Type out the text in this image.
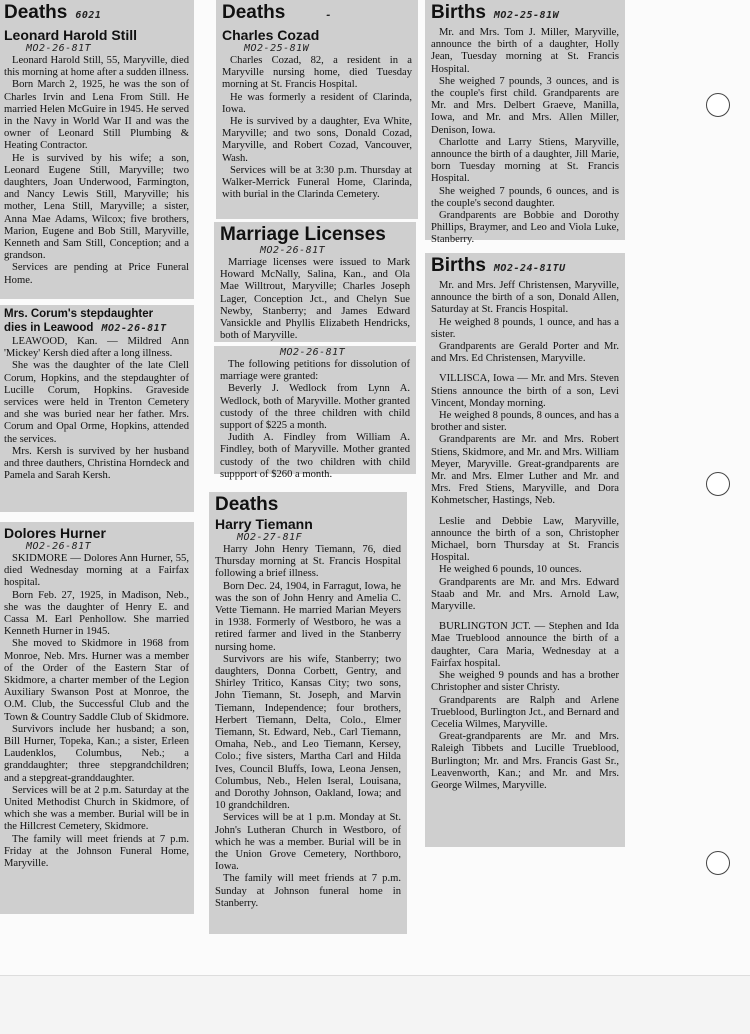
Deaths 6021
Leonard Harold Still
MO2-26-81T

Leonard Harold Still, 55, Maryville, died this morning at home after a sudden illness.

Born March 2, 1925, he was the son of Charles Irvin and Lena From Still. He married Helen McGuire in 1945. He served in the Navy in World War II and was the owner of Leonard Still Plumbing & Heating Contractor.

He is survived by his wife; a son, Leonard Eugene Still, Maryville; two daughters, Joan Underwood, Farmington, and Nancy Lewis Still, Maryville; his mother, Lena Still, Maryville; a sister, Anna Mae Adams, Wilcox; five brothers, Marion, Eugene and Bob Still, Maryville, Kenneth and Sam Still, Conception; and a grandson.

Services are pending at Price Funeral Home.

Mrs. Corum's stepdaughter
dies in Leawood MO2-26-81T

LEAWOOD, Kan. — Mildred Ann 'Mickey' Kersh died after a long illness.

She was the daughter of the late Clell Corum, Hopkins, and the stepdaughter of Lucille Corum, Hopkins. Graveside services were held in Trenton Cemetery and she was buried near her father. Mrs. Corum and Opal Orme, Hopkins, attended the services.

Mrs. Kersh is survived by her husband and three dauthers, Christina Horndeck and Pamela and Sarah Kersh.

Dolores Hurner
MO2-26-81T

SKIDMORE — Dolores Ann Hurner, 55, died Wednesday morning at a Fairfax hospital.

Born Feb. 27, 1925, in Madison, Neb., she was the daughter of Henry E. and Cassa M. Earl Penhollow. She married Kenneth Hurner in 1945.

She moved to Skidmore in 1968 from Monroe, Neb. Mrs. Hurner was a member of the Order of the Eastern Star of Skidmore, a charter member of the Legion Auxiliary Swanson Post at Monroe, the O.M. Club, the Successful Club and the Town & Country Saddle Club of Skidmore.

Survivors include her husband; a son, Bill Hurner, Topeka, Kan.; a sister, Erleen Laudenklos, Columbus, Neb.; a granddaughter; three stepgrandchildren; and a stepgreat-granddaughter.

Services will be at 2 p.m. Saturday at the United Methodist Church in Skidmore, of which she was a member. Burial will be in the Hillcrest Cemetery, Skidmore.

The family will meet friends at 7 p.m. Friday at the Johnson Funeral Home, Maryville.

Deaths	-
Charles Cozad
MO2-25-81W

Charles Cozad, 82, a resident in a Maryville nursing home, died Tuesday morning at St. Francis Hospital.

He was formerly a resident of Clarinda, Iowa.

He is survived by a daughter, Eva White, Maryville; and two sons, Donald Cozad, Maryville, and Robert Cozad, Vancouver, Wash.

Services will be at 3:30 p.m. Thursday at Walker-Merrick Funeral Home, Clarinda, with burial in the Clarinda Cemetery.

Marriage Licenses
MO2-26-81T

Marriage licenses were issued to Mark Howard McNally, Salina, Kan., and Ola Mae Willtrout, Maryville; Charles Joseph Lager, Conception Jct., and Chelyn Sue Newby, Stanberry; and James Edward Vansickle and Phyllis Elizabeth Hendricks, both of Maryville.

MO2-26-81T

The following petitions for dissolution of marriage were granted:

Beverly J. Wedlock from Lynn A. Wedlock, both of Maryville. Mother granted custody of the three children with child support of $225 a month.

Judith A. Findley from William A. Findley, both of Maryville. Mother granted custody of the two children with child suppport of $260 a month.

Deaths
Harry Tiemann
MO2-27-81F

Harry John Henry Tiemann, 76, died Thursday morning at St. Francis Hospital following a brief illness.

Born Dec. 24, 1904, in Farragut, Iowa, he was the son of John Henry and Amelia C. Vette Tiemann. He married Marian Meyers in 1938. Formerly of Westboro, he was a retired farmer and lived in the Stanberry nursing home.

Survivors are his wife, Stanberry; two daughters, Donna Corbett, Gentry, and Shirley Tritico, Kansas City; two sons, John Tiemann, St. Joseph, and Marvin Tiemann, Independence; four brothers, Herbert Tiemann, Delta, Colo., Elmer Tiemann, St. Edward, Neb., Carl Tiemann, Omaha, Neb., and Leo Tiemann, Kersey, Colo.; five sisters, Martha Carl and Hilda Ives, Council Bluffs, Iowa, Leona Jensen, Columbus, Neb., Helen Iseral, Louisana, and Dorothy Johnson, Oakland, Iowa; and 10 grandchildren.

Services will be at 1 p.m. Monday at St. John's Lutheran Church in Westboro, of which he was a member. Burial will be in the Union Grove Cemetery, Northboro, Iowa.

The family will meet friends at 7 p.m. Sunday at Johnson funeral home in Stanberry.

Births MO2-25-81W

Mr. and Mrs. Tom J. Miller, Maryville, announce the birth of a daughter, Holly Jean, Tuesday morning at St. Francis Hospital.

She weighed 7 pounds, 3 ounces, and is the couple's first child. Grandparents are Mr. and Mrs. Delbert Graeve, Manilla, Iowa, and Mr. and Mrs. Allen Miller, Denison, Iowa.

Charlotte and Larry Stiens, Maryville, announce the birth of a daughter, Jill Marie, born Tuesday morning at St. Francis Hospital.

She weighed 7 pounds, 6 ounces, and is the couple's second daughter.

Grandparents are Bobbie and Dorothy Phillips, Braymer, and Leo and Viola Luke, Stanberry.

Births MO2-24-81TU

Mr. and Mrs. Jeff Christensen, Maryville, announce the birth of a son, Donald Allen, Saturday at St. Francis Hospital.

He weighed 8 pounds, 1 ounce, and has a sister.

Grandparents are Gerald Porter and Mr. and Mrs. Ed Christensen, Maryville.

VILLISCA, Iowa — Mr. and Mrs. Steven Stiens announce the birth of a son, Levi Vincent, Monday morning.

He weighed 8 pounds, 8 ounces, and has a brother and sister.

Grandparents are Mr. and Mrs. Robert Stiens, Skidmore, and Mr. and Mrs. William Meyer, Maryville. Great-grandparents are Mr. and Mrs. Elmer Luther and Mr. and Mrs. Fred Stiens, Maryville, and Dora Kohmetscher, Hastings, Neb.

Leslie and Debbie Law, Maryville, announce the birth of a son, Christopher Michael, born Thursday at St. Francis Hospital.

He weighed 6 pounds, 10 ounces.

Grandparents are Mr. and Mrs. Edward Staab and Mr. and Mrs. Arnold Law, Maryville.

BURLINGTON JCT. — Stephen and Ida Mae Trueblood announce the birth of a daughter, Cara Maria, Wednesday at a Fairfax hospital.

She weighed 9 pounds and has a brother Christopher and sister Christy.

Grandparents are Ralph and Arlene Trueblood, Burlington Jct., and Bernard and Cecelia Wilmes, Maryville.

Great-grandparents are Mr. and Mrs. Raleigh Tibbets and Lucille Trueblood, Burlington; Mr. and Mrs. Francis Gast Sr., Leavenworth, Kan.; and Mr. and Mrs. George Wilmes, Maryville.
